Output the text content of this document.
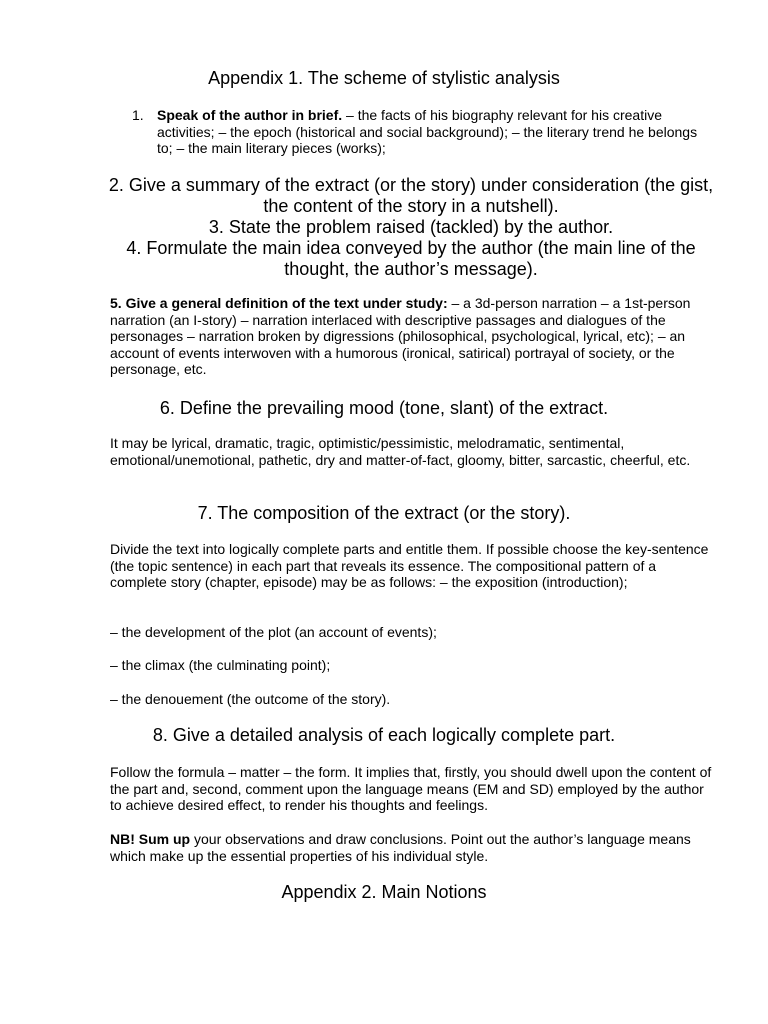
Appendix 1. The scheme of stylistic analysis
1. Speak of the author in brief. – the facts of his biography relevant for his creative activities; – the epoch (historical and social background); – the literary trend he belongs to; – the main literary pieces (works);
2. Give a summary of the extract (or the story) under consideration (the gist, the content of the story in a nutshell).
3. State the problem raised (tackled) by the author.
4. Formulate the main idea conveyed by the author (the main line of the thought, the author’s message).

5. Give a general definition of the text under study: – a 3d-person narration – a 1st-person narration (an I-story) – narration interlaced with descriptive passages and dialogues of the personages – narration broken by digressions (philosophical, psychological, lyrical, etc); – an account of events interwoven with a humorous (ironical, satirical) portrayal of society, or the personage, etc.

6. Define the prevailing mood (tone, slant) of the extract.

It may be lyrical, dramatic, tragic, optimistic/pessimistic, melodramatic, sentimental, emotional/unemotional, pathetic, dry and matter-of-fact, gloomy, bitter, sarcastic, cheerful, etc.

7. The composition of the extract (or the story).

Divide the text into logically complete parts and entitle them. If possible choose the key-sentence (the topic sentence) in each part that reveals its essence. The compositional pattern of a complete story (chapter, episode) may be as follows: – the exposition (introduction);

– the development of the plot (an account of events);

– the climax (the culminating point);

– the denouement (the outcome of the story).

8. Give a detailed analysis of each logically complete part.

Follow the formula – matter – the form. It implies that, firstly, you should dwell upon the content of the part and, second, comment upon the language means (EM and SD) employed by the author to achieve desired effect, to render his thoughts and feelings.

NB! Sum up your observations and draw conclusions. Point out the author’s language means which make up the essential properties of his individual style.

Appendix 2. Main Notions
